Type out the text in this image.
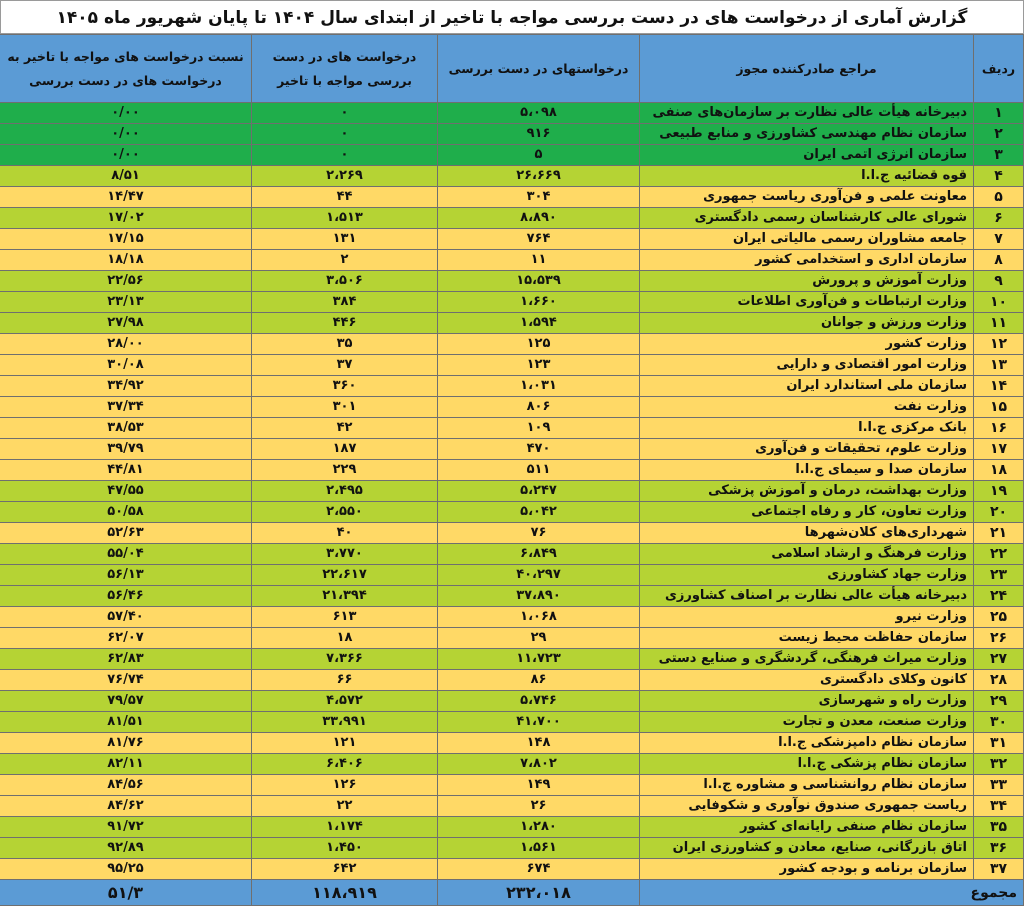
گزارش آماری از درخواست های در دست بررسی مواجه با تاخیر از ابتدای سال ۱۴۰۴ تا پایان شهریور ماه ۱۴۰۵
ردیف	مراجع صادرکننده مجوز	درخواستهای در دست بررسی	درخواست های در دست بررسی مواجه با تاخیر	نسبت درخواست های مواجه با تاخیر به درخواست های در دست بررسی
۱	دبیرخانه هیأت عالی نظارت بر سازمان‌های صنفی	۵،۰۹۸	۰	۰/۰۰
۲	سازمان نظام مهندسی کشاورزی و منابع طبیعی	۹۱۶	۰	۰/۰۰
۳	سازمان انرژی اتمی ایران	۵	۰	۰/۰۰
۴	قوه قضائیه ج.ا.ا	۲۶،۶۶۹	۲،۲۶۹	۸/۵۱
۵	معاونت علمی و فن‌آوری ریاست جمهوری	۳۰۴	۴۴	۱۴/۴۷
۶	شورای عالی کارشناسان رسمی دادگستری	۸،۸۹۰	۱،۵۱۳	۱۷/۰۲
۷	جامعه مشاوران رسمی مالیاتی ایران	۷۶۴	۱۳۱	۱۷/۱۵
۸	سازمان اداری و استخدامی کشور	۱۱	۲	۱۸/۱۸
۹	وزارت آموزش و پرورش	۱۵،۵۳۹	۳،۵۰۶	۲۲/۵۶
۱۰	وزارت ارتباطات و فن‌آوری اطلاعات	۱،۶۶۰	۳۸۴	۲۳/۱۳
۱۱	وزارت ورزش و جوانان	۱،۵۹۴	۴۴۶	۲۷/۹۸
۱۲	وزارت کشور	۱۲۵	۳۵	۲۸/۰۰
۱۳	وزارت امور اقتصادی و دارایی	۱۲۳	۳۷	۳۰/۰۸
۱۴	سازمان ملی استاندارد ایران	۱،۰۳۱	۳۶۰	۳۴/۹۲
۱۵	وزارت نفت	۸۰۶	۳۰۱	۳۷/۳۴
۱۶	بانک مرکزی ج.ا.ا	۱۰۹	۴۲	۳۸/۵۳
۱۷	وزارت علوم، تحقیقات و فن‌آوری	۴۷۰	۱۸۷	۳۹/۷۹
۱۸	سازمان صدا و سیمای ج.ا.ا	۵۱۱	۲۲۹	۴۴/۸۱
۱۹	وزارت بهداشت، درمان و آموزش پزشکی	۵،۲۴۷	۲،۴۹۵	۴۷/۵۵
۲۰	وزارت تعاون، کار و رفاه اجتماعی	۵،۰۴۲	۲،۵۵۰	۵۰/۵۸
۲۱	شهرداری‌های کلان‌شهرها	۷۶	۴۰	۵۲/۶۳
۲۲	وزارت فرهنگ و ارشاد اسلامی	۶،۸۴۹	۳،۷۷۰	۵۵/۰۴
۲۳	وزارت جهاد کشاورزی	۴۰،۲۹۷	۲۲،۶۱۷	۵۶/۱۳
۲۴	دبیرخانه هیأت عالی نظارت بر اصناف کشاورزی	۳۷،۸۹۰	۲۱،۳۹۴	۵۶/۴۶
۲۵	وزارت نیرو	۱،۰۶۸	۶۱۳	۵۷/۴۰
۲۶	سازمان حفاظت محیط زیست	۲۹	۱۸	۶۲/۰۷
۲۷	وزارت میراث فرهنگی، گردشگری و صنایع دستی	۱۱،۷۲۳	۷،۳۶۶	۶۲/۸۳
۲۸	کانون وکلای دادگستری	۸۶	۶۶	۷۶/۷۴
۲۹	وزارت راه و شهرسازی	۵،۷۴۶	۴،۵۷۲	۷۹/۵۷
۳۰	وزارت صنعت، معدن و تجارت	۴۱،۷۰۰	۳۳،۹۹۱	۸۱/۵۱
۳۱	سازمان نظام دامپزشکی ج.ا.ا	۱۴۸	۱۲۱	۸۱/۷۶
۳۲	سازمان نظام پزشکی ج.ا.ا	۷،۸۰۲	۶،۴۰۶	۸۲/۱۱
۳۳	سازمان نظام روانشناسی و مشاوره ج.ا.ا	۱۴۹	۱۲۶	۸۴/۵۶
۳۴	ریاست جمهوری صندوق نوآوری و شکوفایی	۲۶	۲۲	۸۴/۶۲
۳۵	سازمان نظام صنفی رایانه‌ای کشور	۱،۲۸۰	۱،۱۷۴	۹۱/۷۲
۳۶	اتاق بازرگانی، صنایع، معادن و کشاورزی ایران	۱،۵۶۱	۱،۴۵۰	۹۲/۸۹
۳۷	سازمان برنامه و بودجه کشور	۶۷۴	۶۴۲	۹۵/۲۵
مجموع		۲۳۲،۰۱۸	۱۱۸،۹۱۹	۵۱/۳
